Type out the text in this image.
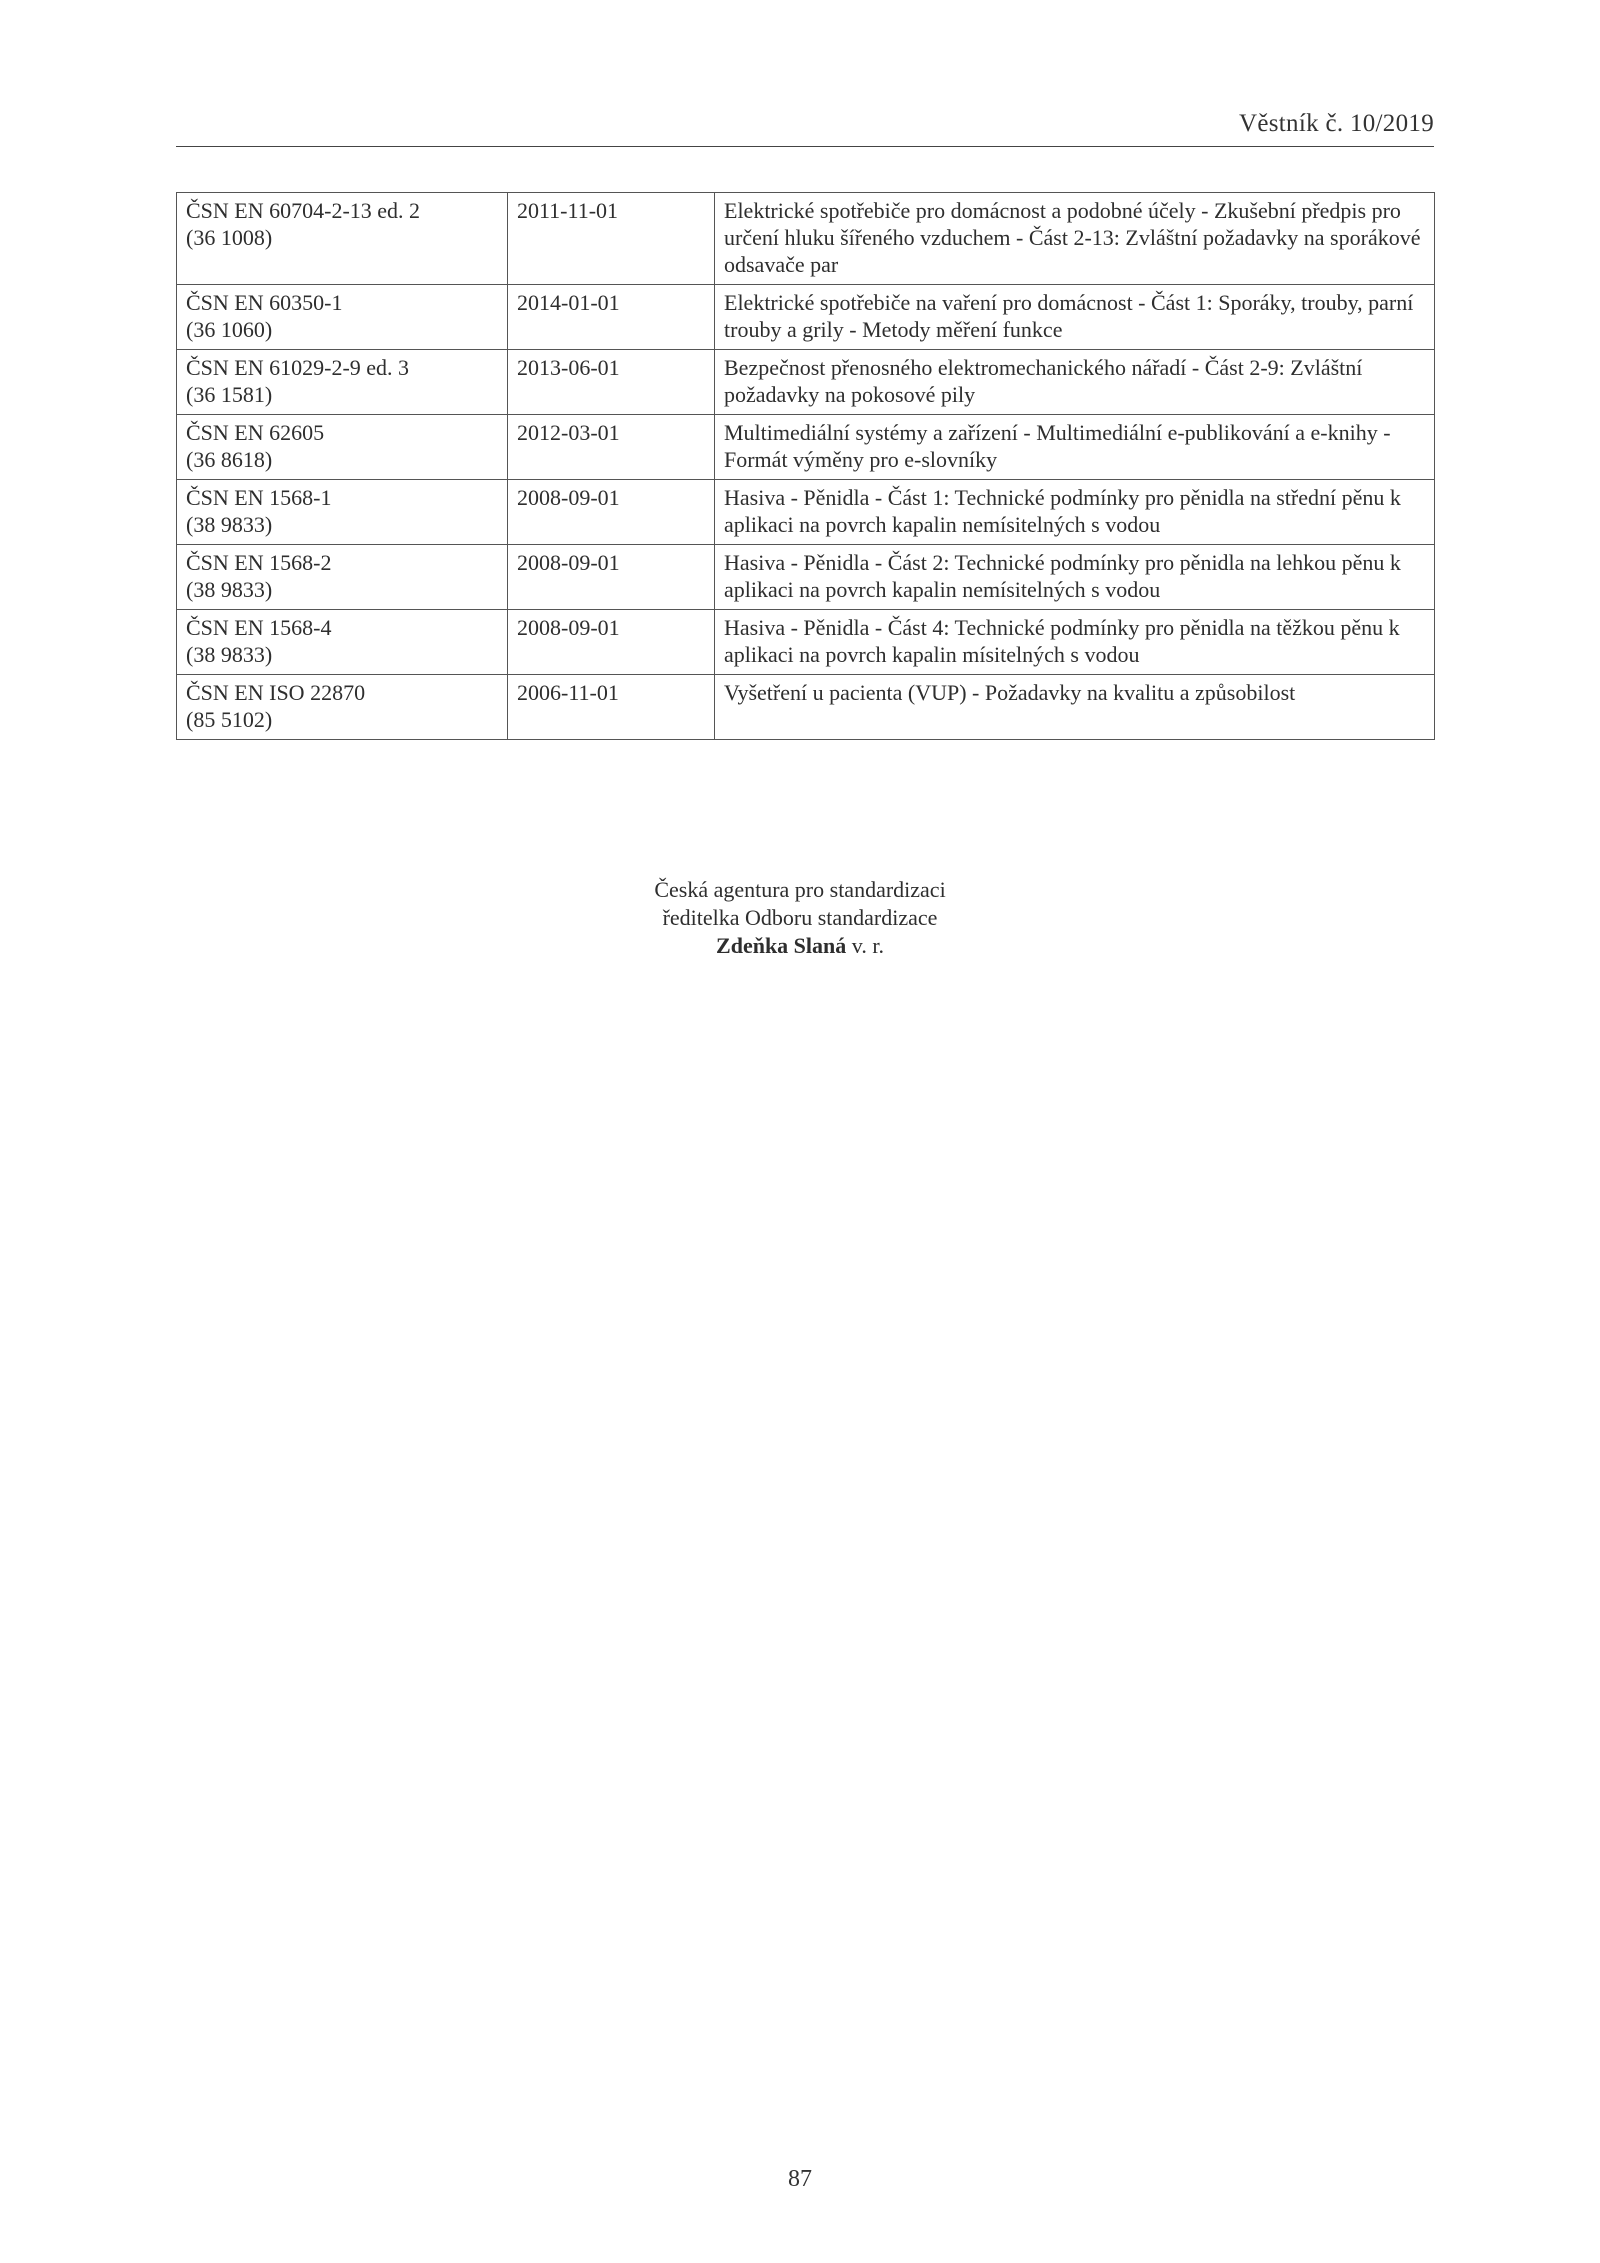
Věstník č. 10/2019
ČSN EN 60704-2-13 ed. 2
(36 1008)	2011-11-01	Elektrické spotřebiče pro domácnost a podobné účely - Zkušební předpis pro určení hluku šířeného vzduchem - Část 2-13: Zvláštní požadavky na sporákové odsavače par

ČSN EN 60350-1
(36 1060)	2014-01-01	Elektrické spotřebiče na vaření pro domácnost - Část 1: Sporáky, trouby, parní trouby a grily - Metody měření funkce

ČSN EN 61029-2-9 ed. 3
(36 1581)	2013-06-01	Bezpečnost přenosného elektromechanického nářadí - Část 2-9: Zvláštní požadavky na pokosové pily

ČSN EN 62605
(36 8618)	2012-03-01	Multimediální systémy a zařízení - Multimediální e-publikování a e-knihy - Formát výměny pro e-slovníky

ČSN EN 1568-1
(38 9833)	2008-09-01	Hasiva - Pěnidla - Část 1: Technické podmínky pro pěnidla na střední pěnu k aplikaci na povrch kapalin nemísitelných s vodou

ČSN EN 1568-2
(38 9833)	2008-09-01	Hasiva - Pěnidla - Část 2: Technické podmínky pro pěnidla na lehkou pěnu k aplikaci na povrch kapalin nemísitelných s vodou

ČSN EN 1568-4
(38 9833)	2008-09-01	Hasiva - Pěnidla - Část 4: Technické podmínky pro pěnidla na těžkou pěnu k aplikaci na povrch kapalin mísitelných s vodou

ČSN EN ISO 22870
(85 5102)	2006-11-01	Vyšetření u pacienta (VUP) - Požadavky na kvalitu a způsobilost
Česká agentura pro standardizaci
ředitelka Odboru standardizace
Zdeňka Slaná v. r.
87
